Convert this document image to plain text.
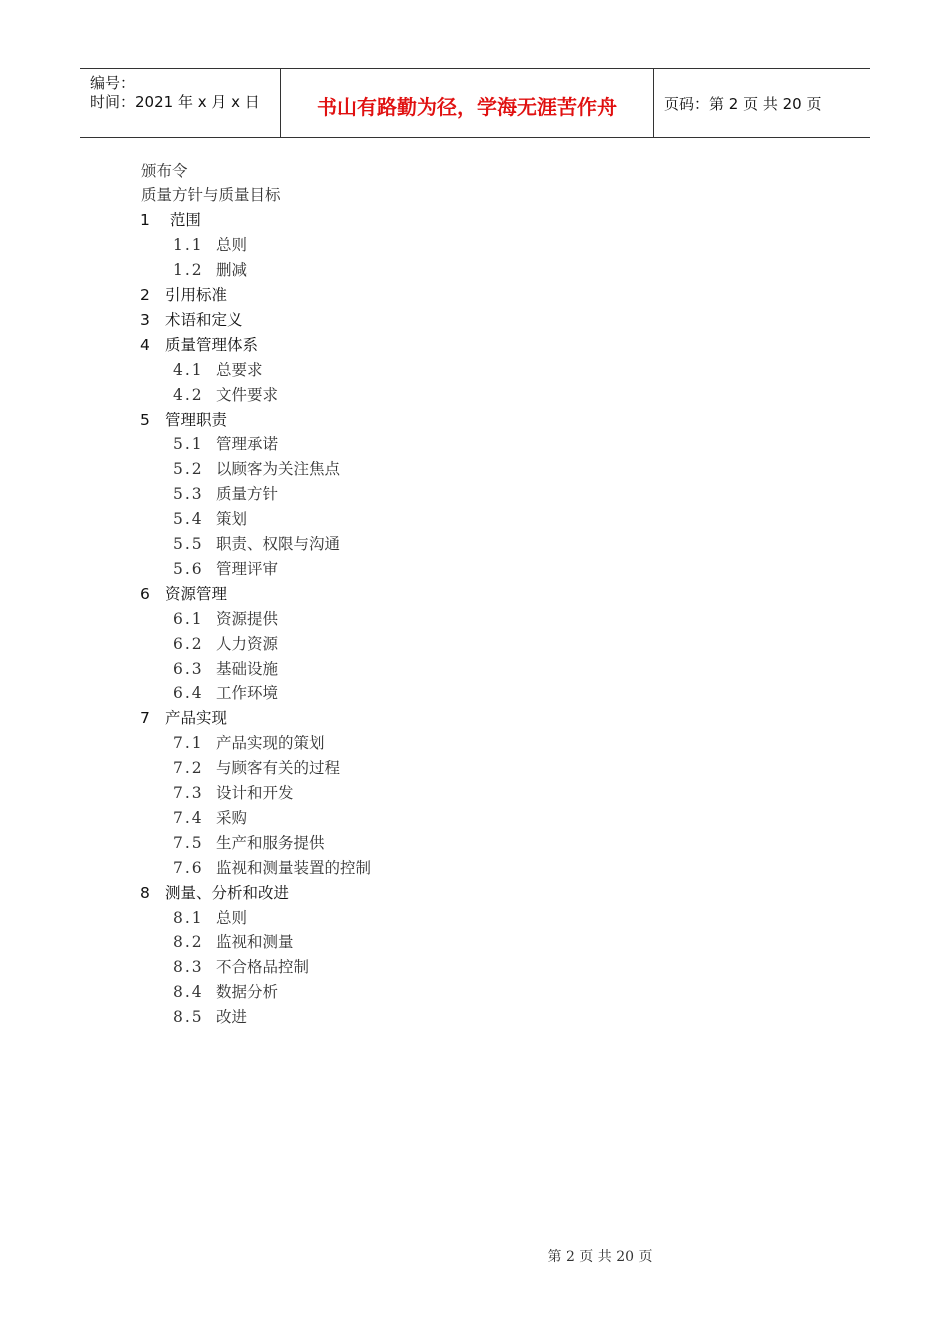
编号：
时间：2021 年 x 月 x 日	书山有路勤为径，学海无涯苦作舟	页码：第 2 页 共 20 页
颁布令
质量方针与质量目标
1 范围
1.1 总则
1.2 删减
2 引用标准
3 术语和定义
4 质量管理体系
4.1 总要求
4.2 文件要求
5 管理职责
5.1 管理承诺
5.2 以顾客为关注焦点
5.3 质量方针
5.4 策划
5.5 职责、权限与沟通
5.6 管理评审
6 资源管理
6.1 资源提供
6.2 人力资源
6.3 基础设施
6.4 工作环境
7 产品实现
7.1 产品实现的策划
7.2 与顾客有关的过程
7.3 设计和开发
7.4 采购
7.5 生产和服务提供
7.6 监视和测量装置的控制
8 测量、分析和改进
8.1 总则
8.2 监视和测量
8.3 不合格品控制
8.4 数据分析
8.5 改进
第 2 页 共 20 页
